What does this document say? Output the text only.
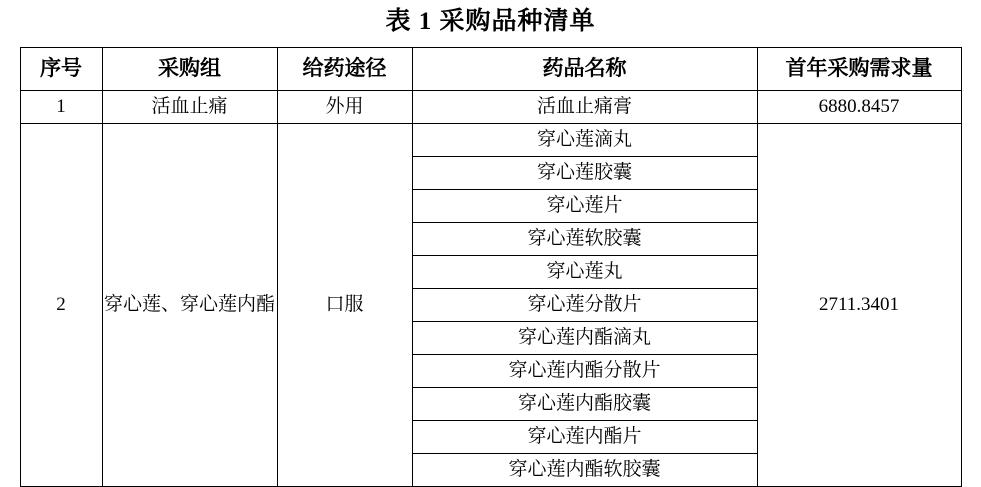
表 1 采购品种清单
序号	采购组	给药途径	药品名称	首年采购需求量
1	活血止痛	外用	活血止痛膏	6880.8457
2	穿心莲、穿心莲内酯	口服	穿心莲滴丸	2711.3401
			穿心莲胶囊	
			穿心莲片	
			穿心莲软胶囊	
			穿心莲丸	
			穿心莲分散片	
			穿心莲内酯滴丸	
			穿心莲内酯分散片	
			穿心莲内酯胶囊	
			穿心莲内酯片	
			穿心莲内酯软胶囊	
